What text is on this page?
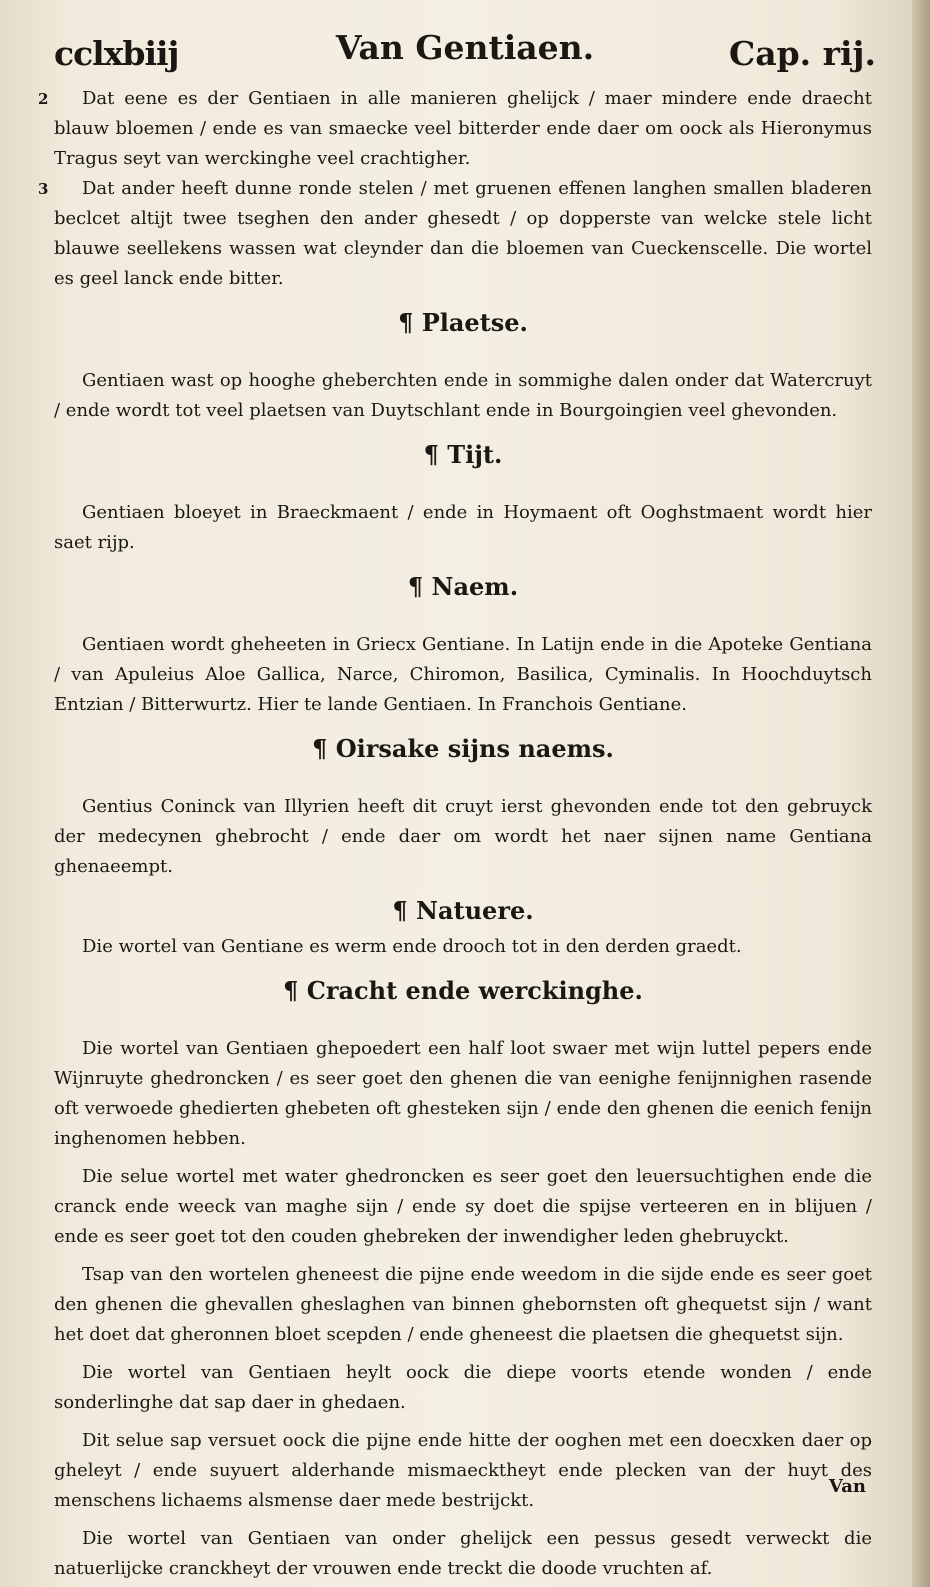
cclxbiij	Van Gentiaen.	Cap. rij.
2	Dat eene es der Gentiaen in alle manieren ghelijck / maer mindere ende draecht blauw bloemen / ende es van smaecke veel bitterder ende daer om oock als Hieronymus Tragus seyt van werckinghe veel crachtigher.

3	Dat ander heeft dunne ronde stelen / met gruenen effenen langhen smallen bladeren beclcet altijt twee tseghen den ander ghesedt / op dopperste van welcke stele licht blauwe seellekens wassen wat cleynder dan die bloemen van Cueckenscelle. Die wortel es geel lanck ende bitter.

¶ Plaetse.

Gentiaen wast op hooghe gheberchten ende in sommighe dalen onder dat Watercruyt / ende wordt tot veel plaetsen van Duytschlant ende in Bourgoingien veel ghevonden.

¶ Tijt.

Gentiaen bloeyet in Braeckmaent / ende in Hoymaent oft Ooghstmaent wordt hier saet rijp.

¶ Naem.

Gentiaen wordt gheheeten in Griecx Gentiane. In Latijn ende in die Apoteke Gentiana / van Apuleius Aloe Gallica, Narce, Chiromon, Basilica, Cyminalis. In Hoochduytsch Entzian / Bitterwurtz. Hier te lande Gentiaen. In Franchois Gentiane.

¶ Oirsake sijns naems.

Gentius Coninck van Illyrien heeft dit cruyt ierst ghevonden ende tot den gebruyck der medecynen ghebrocht / ende daer om wordt het naer sijnen name Gentiana ghenaeempt.

¶ Natuere.

Die wortel van Gentiane es werm ende drooch tot in den derden graedt.

¶ Cracht ende werckinghe.

Die wortel van Gentiaen ghepoedert een half loot swaer met wijn luttel pepers ende Wijnruyte ghedroncken / es seer goet den ghenen die van eenighe fenijnnighen rasende oft verwoede ghedierten ghebeten oft ghesteken sijn / ende den ghenen die eenich fenijn inghenomen hebben.

Die selue wortel met water ghedroncken es seer goet den leuersuchtighen ende die cranck ende weeck van maghe sijn / ende sy doet die spijse verteeren en in blijuen / ende es seer goet tot den couden ghebreken der inwendigher leden ghebruyckt.

Tsap van den wortelen gheneest die pijne ende weedom in die sijde ende es seer goet den ghenen die ghevallen gheslaghen van binnen ghebornsten oft ghequetst sijn / want het doet dat gheronnen bloet scepden / ende gheneest die plaetsen die ghequetst sijn.

Die wortel van Gentiaen heylt oock die diepe voorts etende wonden / ende sonderlinghe dat sap daer in ghedaen.

Dit selue sap versuet oock die pijne ende hitte der ooghen met een doecxken daer op gheleyt / ende suyuert alderhande mismaecktheyt ende plecken van der huyt des menschens lichaems alsmense daer mede bestrijckt.

Die wortel van Gentiaen van onder ghelijck een pessus gesedt verweckt die natuerlijcke cranckheyt der vrouwen ende treckt die doode vruchten af.

Van
